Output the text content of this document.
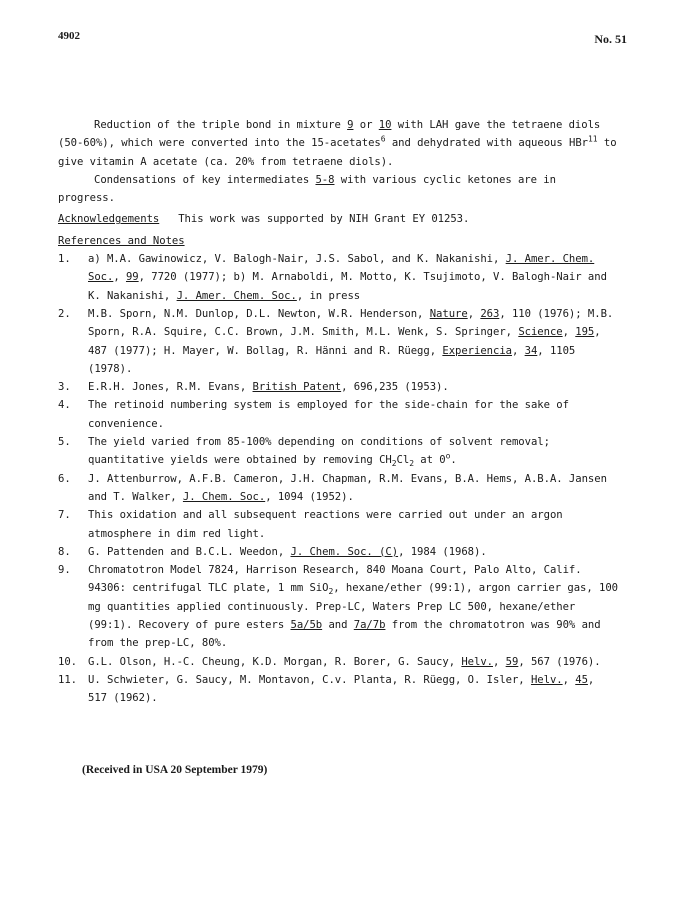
4902	No. 51

Reduction of the triple bond in mixture 9 or 10 with LAH gave the tetraene diols (50-60%), which were converted into the 15-acetates$^6$ and dehydrated with aqueous HBr$^{11}$ to give vitamin A acetate (ca. 20% from tetraene diols).

Condensations of key intermediates 5-8 with various cyclic ketones are in progress.

Acknowledgements This work was supported by NIH Grant EY 01253.

References and Notes

1.	a) M.A. Gawinowicz, V. Balogh-Nair, J.S. Sabol, and K. Nakanishi, J. Amer. Chem. Soc., 99, 7720 (1977); b) M. Arnaboldi, M. Motto, K. Tsujimoto, V. Balogh-Nair and K. Nakanishi, J. Amer. Chem. Soc., in press
2.	M.B. Sporn, N.M. Dunlop, D.L. Newton, W.R. Henderson, Nature, 263, 110 (1976); M.B. Sporn, R.A. Squire, C.C. Brown, J.M. Smith, M.L. Wenk, S. Springer, Science, 195, 487 (1977); H. Mayer, W. Bollag, R. Hänni and R. Rüegg, Experiencia, 34, 1105 (1978).
3.	E.R.H. Jones, R.M. Evans, British Patent, 696,235 (1953).
4.	The retinoid numbering system is employed for the side-chain for the sake of convenience.
5.	The yield varied from 85-100% depending on conditions of solvent removal; quantitative yields were obtained by removing $CH_2Cl_2$ at 0$^o$.
6.	J. Attenburrow, A.F.B. Cameron, J.H. Chapman, R.M. Evans, B.A. Hems, A.B.A. Jansen and T. Walker, J. Chem. Soc., 1094 (1952).
7.	This oxidation and all subsequent reactions were carried out under an argon atmosphere in dim red light.
8.	G. Pattenden and B.C.L. Weedon, J. Chem. Soc. (C), 1984 (1968).
9.	Chromatotron Model 7824, Harrison Research, 840 Moana Court, Palo Alto, Calif. 94306: centrifugal TLC plate, 1 mm SiO$_2$, hexane/ether (99:1), argon carrier gas, 100 mg quantities applied continuously. Prep-LC, Waters Prep LC 500, hexane/ether (99:1). Recovery of pure esters 5a/5b and 7a/7b from the chromatotron was 90% and from the prep-LC, 80%.
10. G.L. Olson, H.-C. Cheung, K.D. Morgan, R. Borer, G. Saucy, Helv., 59, 567 (1976).
11. U. Schwieter, G. Saucy, M. Montavon, C.v. Planta, R. Rüegg, O. Isler, Helv., 45, 517 (1962).
(Received in USA 20 September 1979)
